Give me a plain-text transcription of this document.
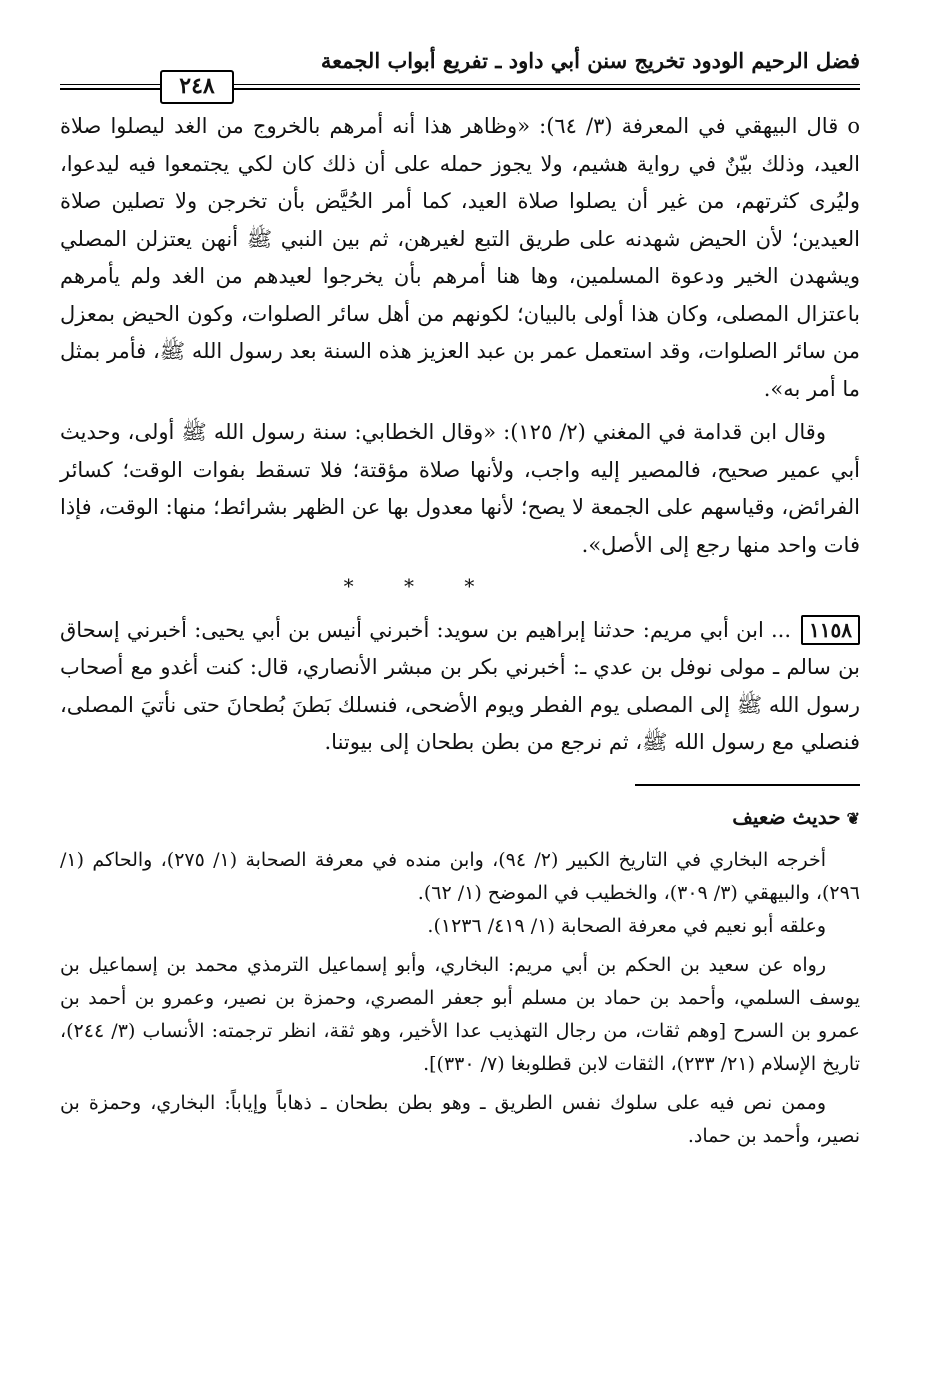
فضل الرحيم الودود تخريج سنن أبي داود ـ تفريع أبواب الجمعة
٢٤٨

o قال البيهقي في المعرفة (٣/ ٦٤): «وظاهر هذا أنه أمرهم بالخروج من الغد ليصلوا صلاة العيد، وذلك بيّنٌ في رواية هشيم، ولا يجوز حمله على أن ذلك كان لكي يجتمعوا فيه ليدعوا، وليُرى كثرتهم، من غير أن يصلوا صلاة العيد، كما أمر الحُيَّض بأن تخرجن ولا تصلين صلاة العيدين؛ لأن الحيض شهدنه على طريق التبع لغيرهن، ثم بين النبي ﷺ أنهن يعتزلن المصلي ويشهدن الخير ودعوة المسلمين، وها هنا أمرهم بأن يخرجوا لعيدهم من الغد ولم يأمرهم باعتزال المصلى، وكان هذا أولى بالبيان؛ لكونهم من أهل سائر الصلوات، وكون الحيض بمعزل من سائر الصلوات، وقد استعمل عمر بن عبد العزيز هذه السنة بعد رسول الله ﷺ، فأمر بمثل ما أمر به».

وقال ابن قدامة في المغني (٢/ ١٢٥): «وقال الخطابي: سنة رسول الله ﷺ أولى، وحديث أبي عمير صحيح، فالمصير إليه واجب، ولأنها صلاة مؤقتة؛ فلا تسقط بفوات الوقت؛ كسائر الفرائض، وقياسهم على الجمعة لا يصح؛ لأنها معدول بها عن الظهر بشرائط؛ منها: الوقت، فإذا فات واحد منها رجع إلى الأصل».

* * *

١١٥٨... ابن أبي مريم: حدثنا إبراهيم بن سويد: أخبرني أنيس بن أبي يحيى: أخبرني إسحاق بن سالم ـ مولى نوفل بن عدي ـ: أخبرني بكر بن مبشر الأنصاري، قال: كنت أغدو مع أصحاب رسول الله ﷺ إلى المصلى يوم الفطر ويوم الأضحى، فنسلك بَطنَ بُطحانَ حتى نأتيَ المصلى، فنصلي مع رسول الله ﷺ، ثم نرجع من بطن بطحان إلى بيوتنا.

❦حديث ضعيف

أخرجه البخاري في التاريخ الكبير (٢/ ٩٤)، وابن منده في معرفة الصحابة (١/ ٢٧٥)، والحاكم (١/ ٢٩٦)، والبيهقي (٣/ ٣٠٩)، والخطيب في الموضح (١/ ٦٢).

وعلقه أبو نعيم في معرفة الصحابة (١/ ٤١٩/ ١٢٣٦).

رواه عن سعيد بن الحكم بن أبي مريم: البخاري، وأبو إسماعيل الترمذي محمد بن إسماعيل بن يوسف السلمي، وأحمد بن حماد بن مسلم أبو جعفر المصري، وحمزة بن نصير، وعمرو بن أحمد بن عمرو بن السرح [وهم ثقات، من رجال التهذيب عدا الأخير، وهو ثقة، انظر ترجمته: الأنساب (٣/ ٢٤٤)، تاريخ الإسلام (٢١/ ٢٣٣)، الثقات لابن قطلوبغا (٧/ ٣٣٠)].

وممن نص فيه على سلوك نفس الطريق ـ وهو بطن بطحان ـ ذهاباً وإياباً: البخاري، وحمزة بن نصير، وأحمد بن حماد.
